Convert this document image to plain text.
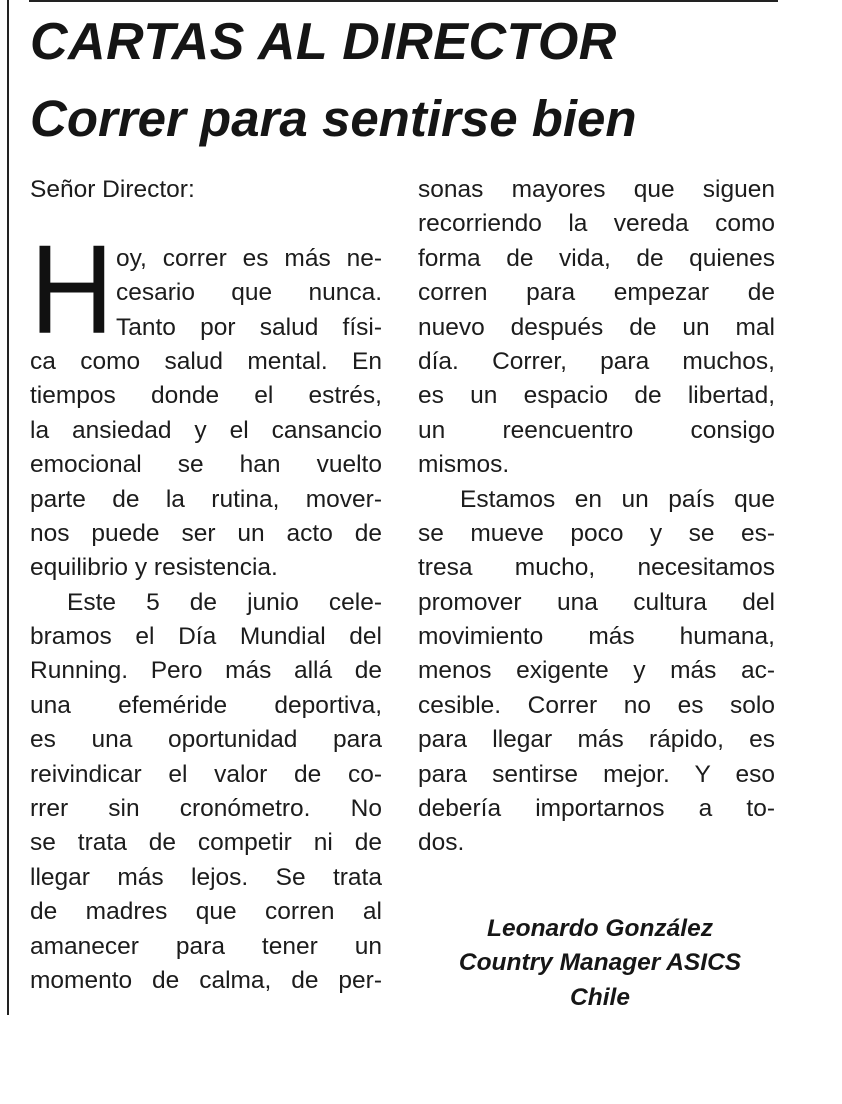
CARTAS AL DIRECTOR
Correr para sentirse bien
H
Señor Director:
oy, correr es más ne-
cesario que nunca.
Tanto por salud físi-
ca como salud mental. En
tiempos donde el estrés,
la ansiedad y el cansancio
emocional se han vuelto
parte de la rutina, mover-
nos puede ser un acto de
equilibrio y resistencia.
Este 5 de junio cele-
bramos el Día Mundial del
Running. Pero más allá de
una efeméride deportiva,
es una oportunidad para
reivindicar el valor de co-
rrer sin cronómetro. No
se trata de competir ni de
llegar más lejos. Se trata
de madres que corren al
amanecer para tener un
momento de calma, de per-
sonas mayores que siguen
recorriendo la vereda como
forma de vida, de quienes
corren para empezar de
nuevo después de un mal
día. Correr, para muchos,
es un espacio de libertad,
un reencuentro consigo
mismos.
Estamos en un país que
se mueve poco y se es-
tresa mucho, necesitamos
promover una cultura del
movimiento más humana,
menos exigente y más ac-
cesible. Correr no es solo
para llegar más rápido, es
para sentirse mejor. Y eso
debería importarnos a to-
dos.
Leonardo González
Country Manager ASICS
Chile
